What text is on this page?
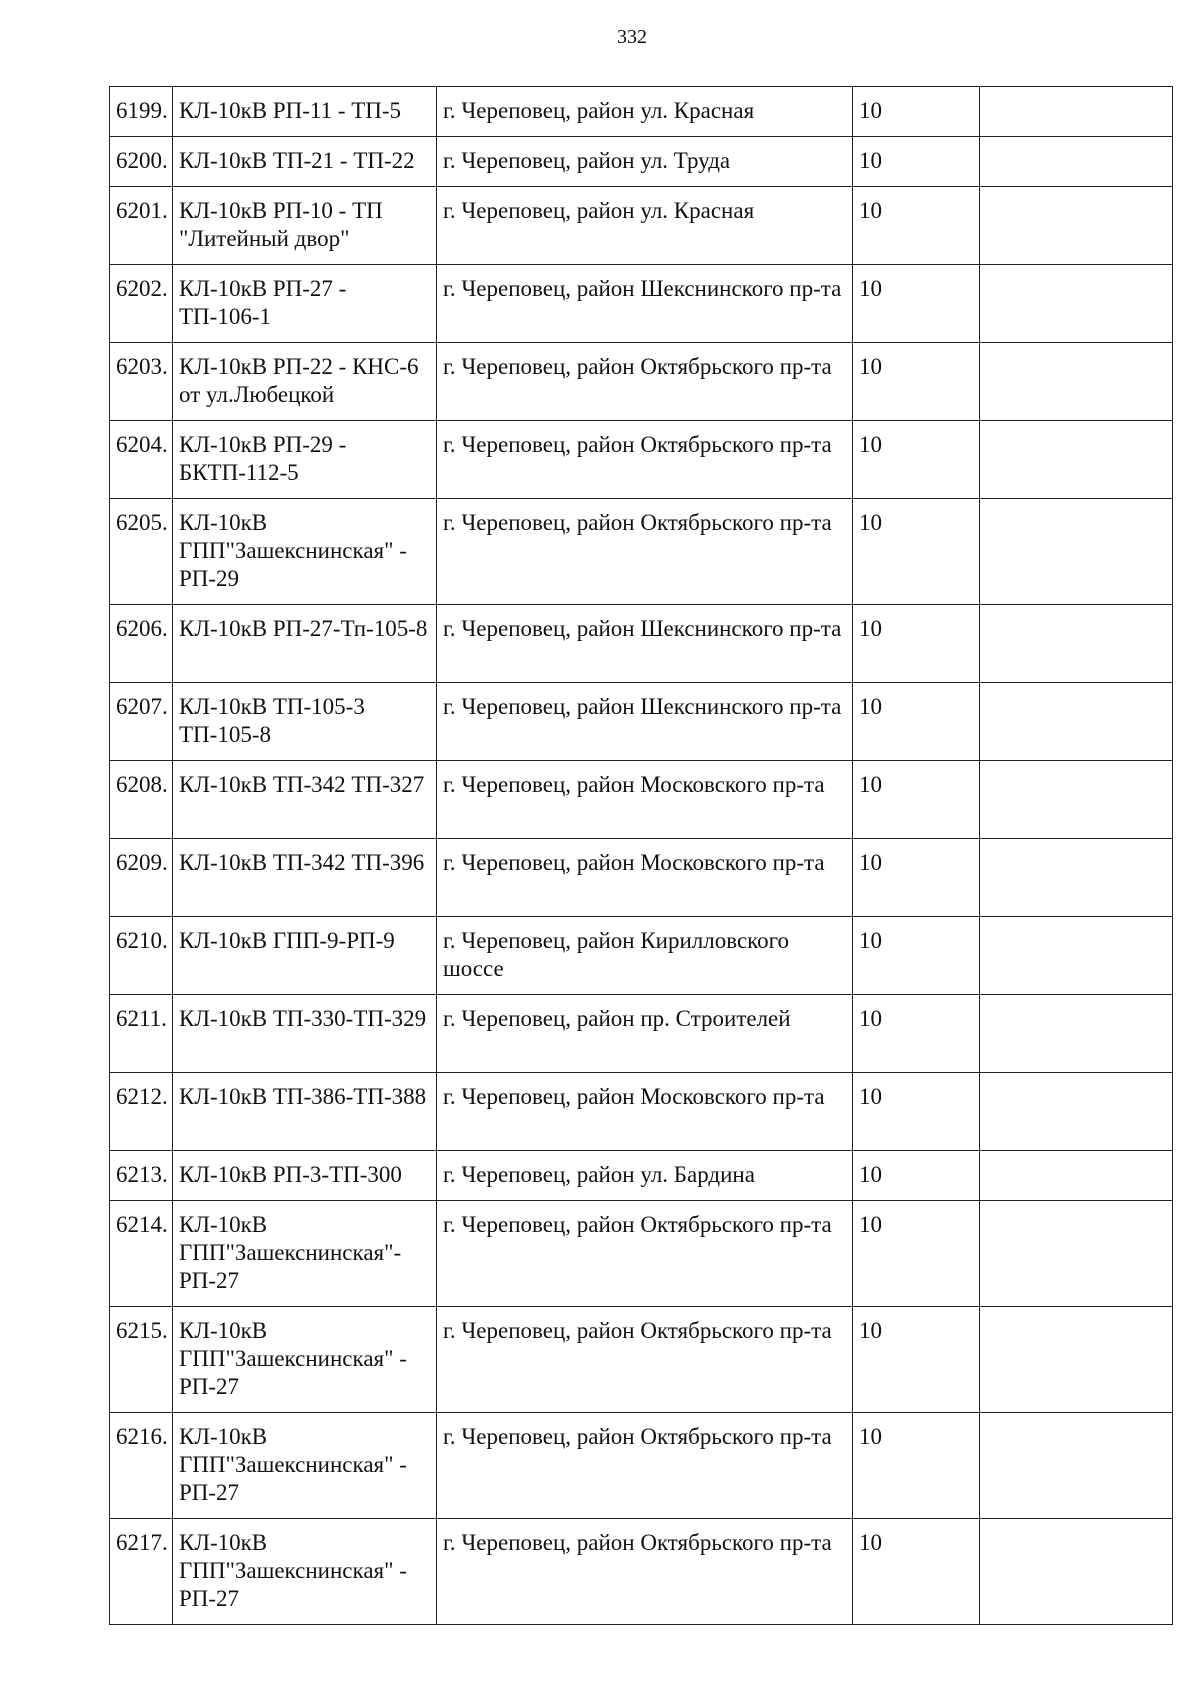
332
6199.	КЛ-10кВ РП-11 - ТП-5	г. Череповец, район ул. Красная	10	
6200.	КЛ-10кВ ТП-21 - ТП-22	г. Череповец, район ул. Труда	10	
6201.	КЛ-10кВ РП-10 - ТП "Литейный двор"	г. Череповец, район ул. Красная	10	
6202.	КЛ-10кВ РП-27 - ТП-106-1	г. Череповец, район Шекснинского пр-та	10	
6203.	КЛ-10кВ РП-22 - КНС-6 от ул.Любецкой	г. Череповец, район Октябрьского пр-та	10	
6204.	КЛ-10кВ РП-29 - БКТП-112-5	г. Череповец, район Октябрьского пр-та	10	
6205.	КЛ-10кВ ГПП"Зашекснинская" - РП-29	г. Череповец, район Октябрьского пр-та	10	
6206.	КЛ-10кВ РП-27-Тп-105-8	г. Череповец, район Шекснинского пр-та	10	
6207.	КЛ-10кВ ТП-105-3 ТП-105-8	г. Череповец, район Шекснинского пр-та	10	
6208.	КЛ-10кВ ТП-342 ТП-327	г. Череповец, район Московского пр-та	10	
6209.	КЛ-10кВ ТП-342 ТП-396	г. Череповец, район Московского пр-та	10	
6210.	КЛ-10кВ ГПП-9-РП-9	г. Череповец, район Кирилловского шоссе	10	
6211.	КЛ-10кВ ТП-330-ТП-329	г. Череповец, район пр. Строителей	10	
6212.	КЛ-10кВ ТП-386-ТП-388	г. Череповец, район Московского пр-та	10	
6213.	КЛ-10кВ РП-3-ТП-300	г. Череповец, район ул. Бардина	10	
6214.	КЛ-10кВ ГПП"Зашекснинская"-РП-27	г. Череповец, район Октябрьского пр-та	10	
6215.	КЛ-10кВ ГПП"Зашекснинская" - РП-27	г. Череповец, район Октябрьского пр-та	10	
6216.	КЛ-10кВ ГПП"Зашекснинская" - РП-27	г. Череповец, район Октябрьского пр-та	10	
6217.	КЛ-10кВ ГПП"Зашекснинская" - РП-27	г. Череповец, район Октябрьского пр-та	10	
